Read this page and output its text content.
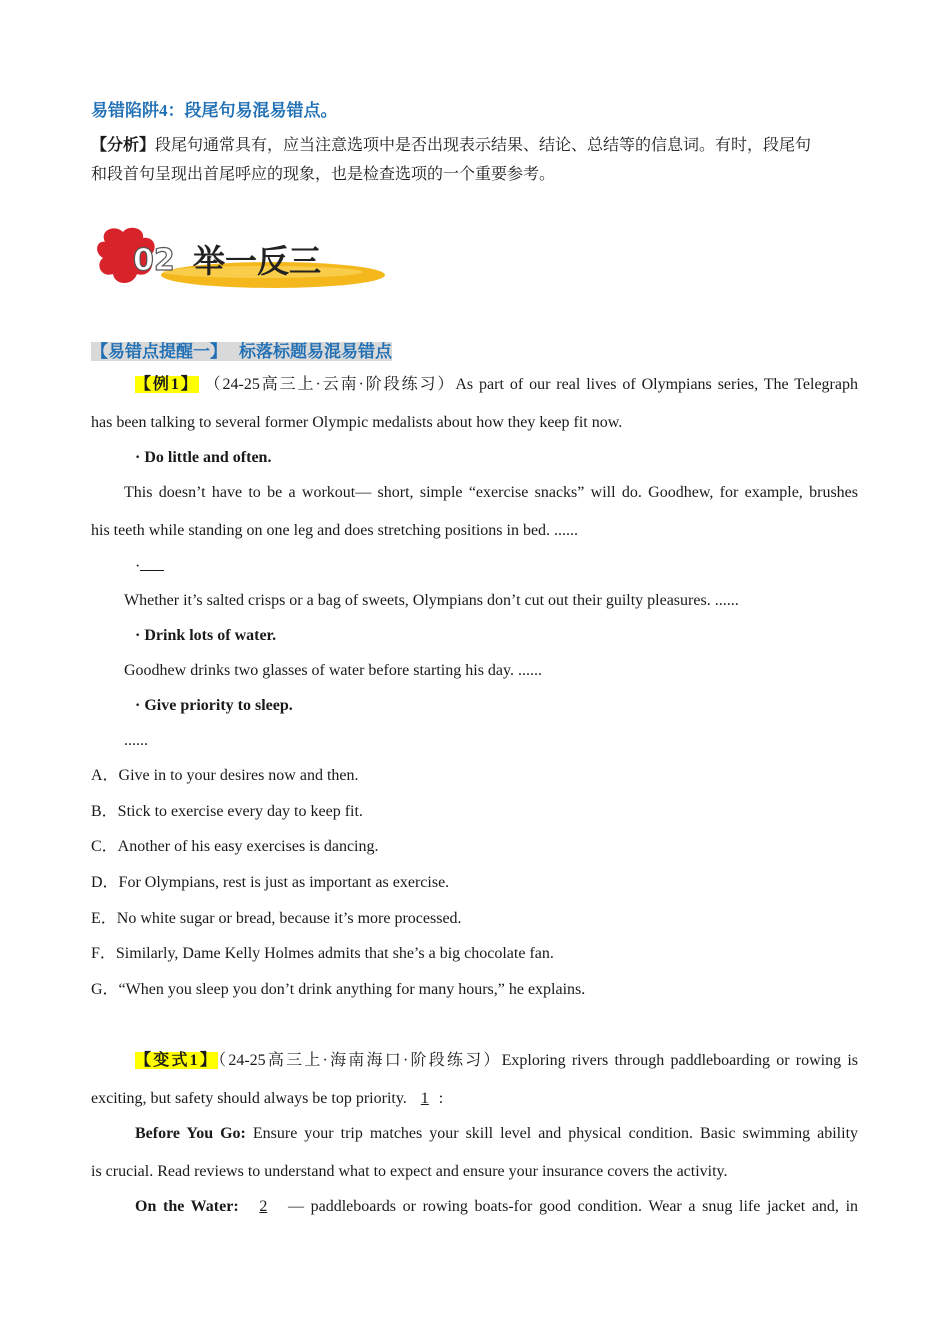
易错陷阱4：段尾句易混易错点。
【分析】段尾句通常具有，应当注意选项中是否出现表示结果、结论、总结等的信息词。有时，段尾句
和段首句呈现出首尾呼应的现象，也是检查选项的一个重要参考。
02 举一反三
【易错点提醒一】 标落标题易混易错点
【例1】 （24-25高三上·云南·阶段练习）As part of our real lives of Olympians series, The Telegraph
has been talking to several former Olympic medalists about how they keep fit now.
· Do little and often.
This doesn’t have to be a workout— short, simple “exercise snacks” will do. Goodhew, for example, brushes
his teeth while standing on one leg and does stretching positions in bed. ......
·
Whether it’s salted crisps or a bag of sweets, Olympians don’t cut out their guilty pleasures. ......
· Drink lots of water.
Goodhew drinks two glasses of water before starting his day. ......
· Give priority to sleep.
......
A．Give in to your desires now and then.
B．Stick to exercise every day to keep fit.
C．Another of his easy exercises is dancing.
D．For Olympians, rest is just as important as exercise.
E．No white sugar or bread, because it’s more processed.
F．Similarly, Dame Kelly Holmes admits that she’s a big chocolate fan.
G．“When you sleep you don’t drink anything for many hours,” he explains.
【变式1】（24-25高三上·海南海口·阶段练习）Exploring rivers through paddleboarding or rowing is
exciting, but safety should always be top priority. 1 :
Before You Go: Ensure your trip matches your skill level and physical condition. Basic swimming ability
is crucial. Read reviews to understand what to expect and ensure your insurance covers the activity.
On the Water: 2 — paddleboards or rowing boats-for good condition. Wear a snug life jacket and, in
